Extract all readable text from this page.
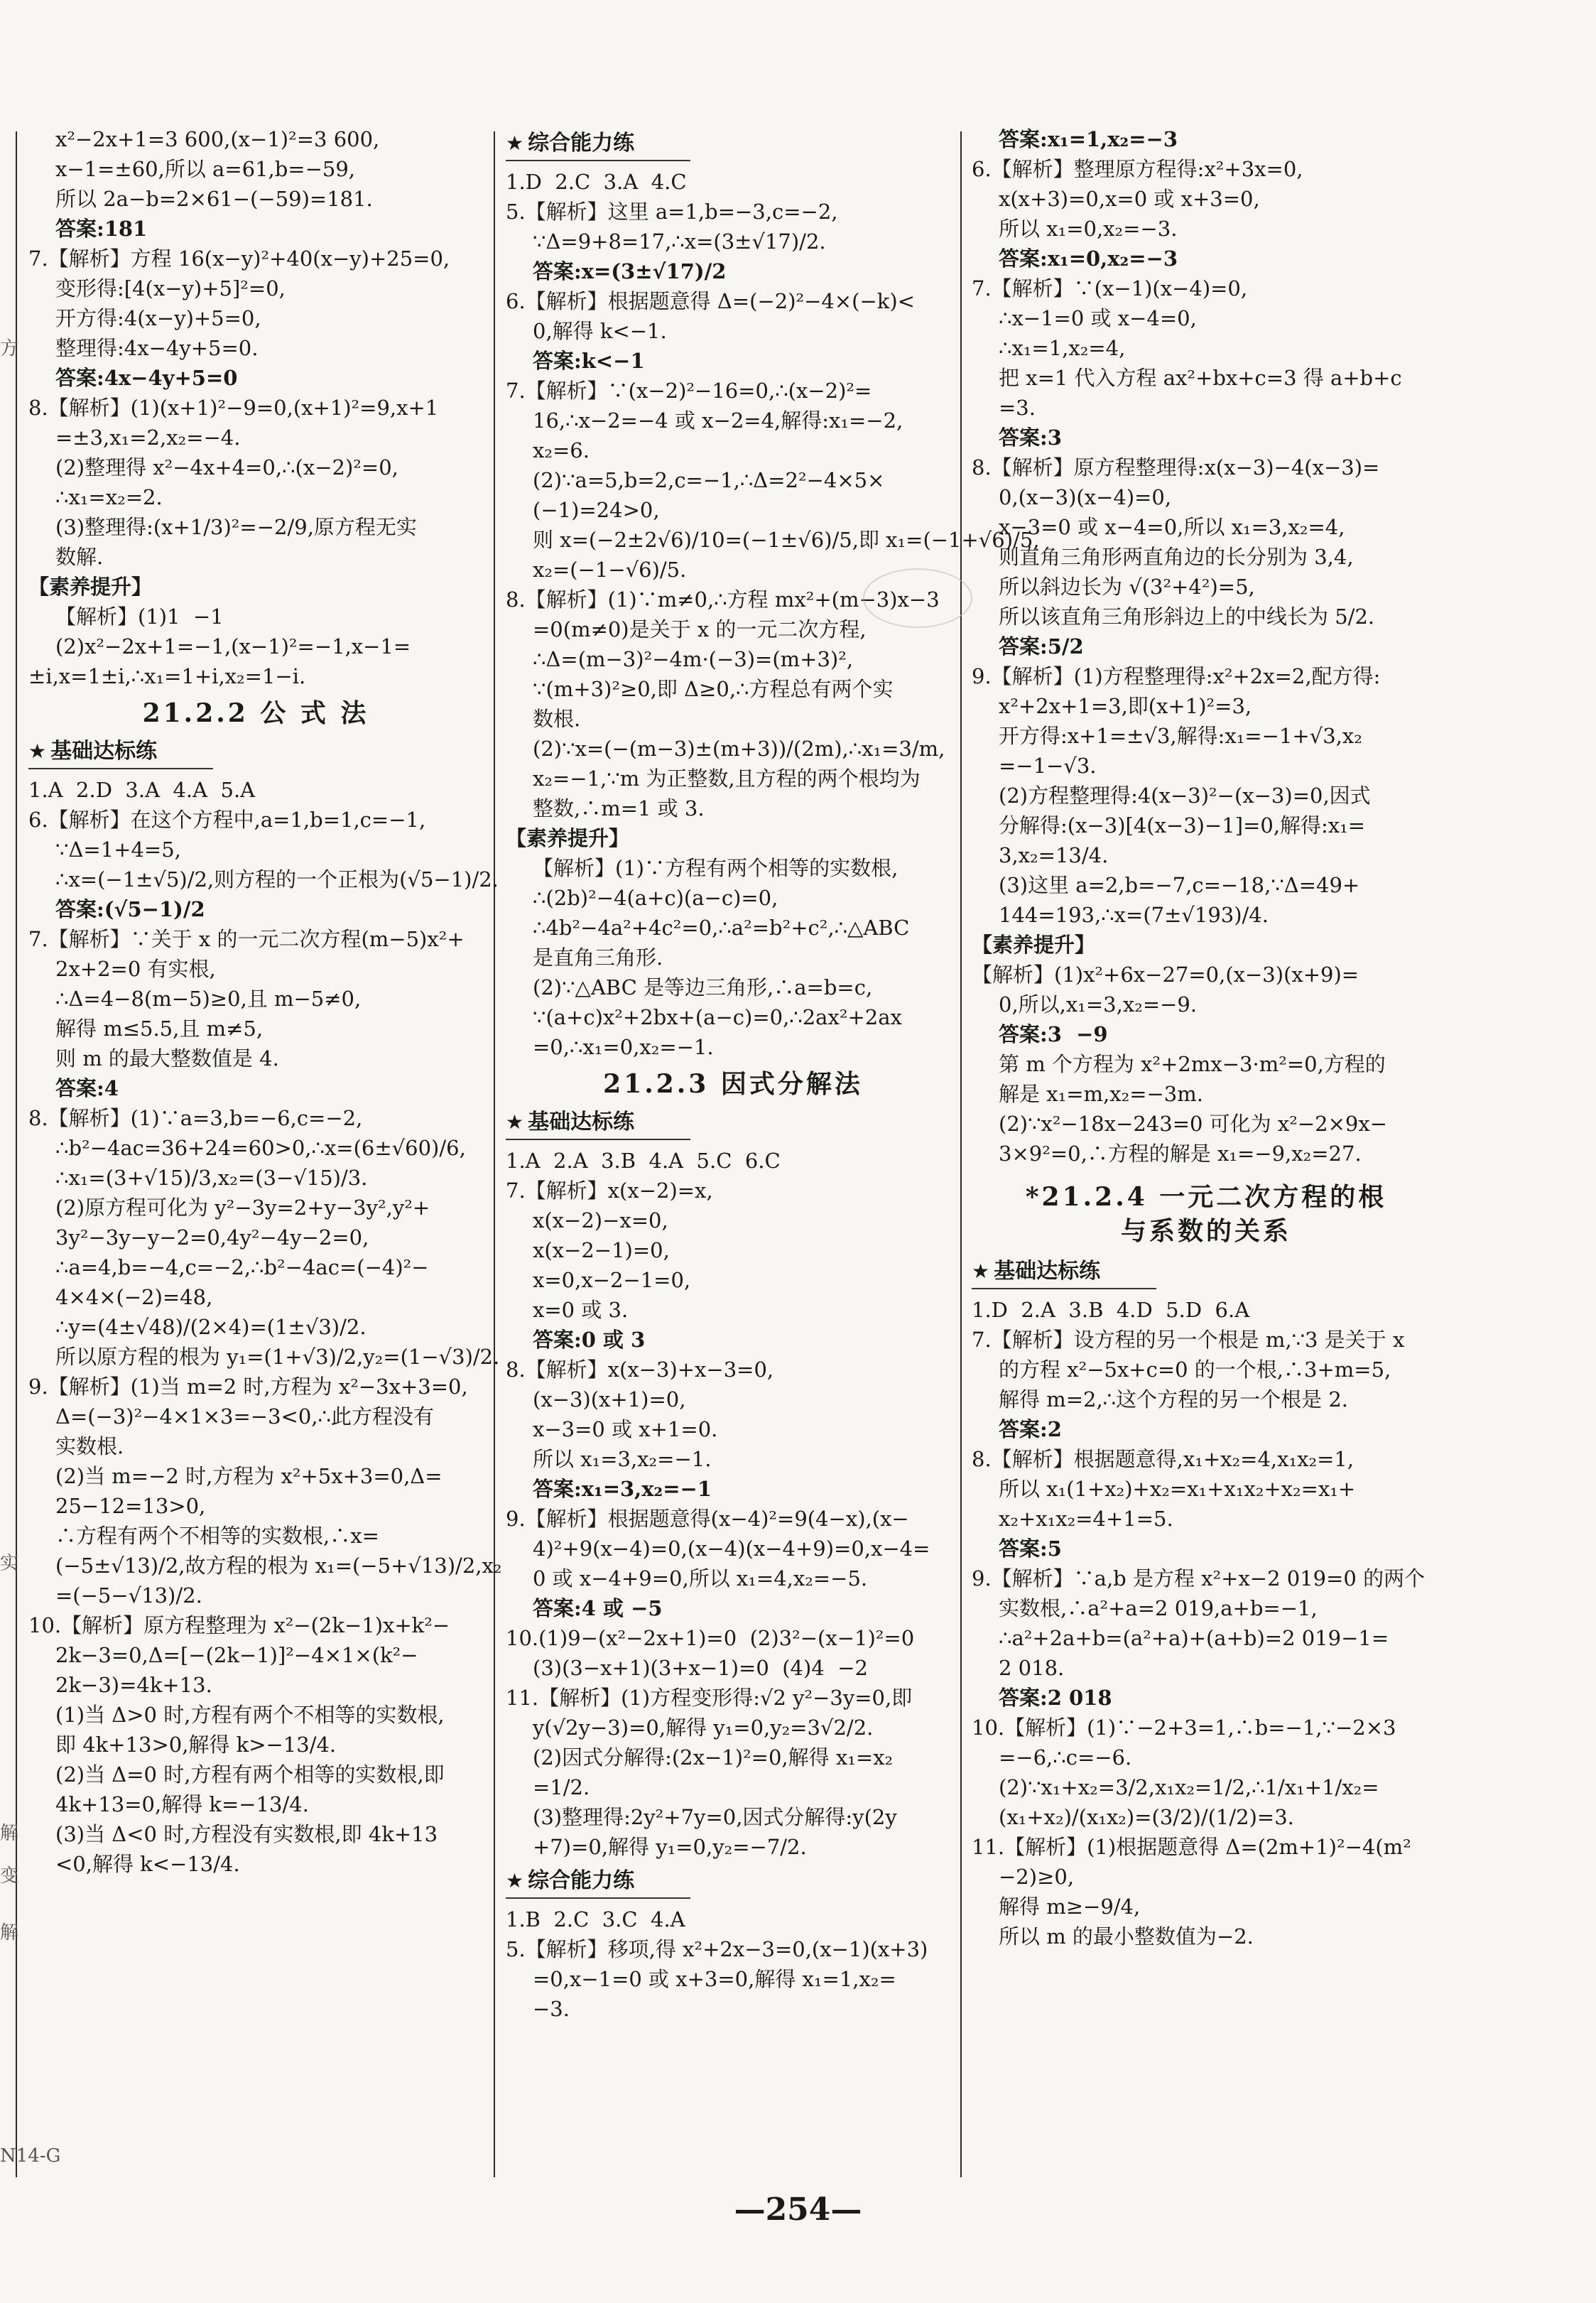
x²−2x+1=3 600,(x−1)²=3 600,
x−1=±60,所以 a=61,b=−59,
所以 2a−b=2×61−(−59)=181.
答案:181
7.【解析】方程 16(x−y)²+40(x−y)+25=0,
变形得:[4(x−y)+5]²=0,
开方得:4(x−y)+5=0,
整理得:4x−4y+5=0.
答案:4x−4y+5=0
8.【解析】(1)(x+1)²−9=0,(x+1)²=9,x+1
=±3,x₁=2,x₂=−4.
(2)整理得 x²−4x+4=0,∴(x−2)²=0,
∴x₁=x₂=2.
(3)整理得:(x+1/3)²=−2/9,原方程无实
数解.
【素养提升】
【解析】(1)1  −1
(2)x²−2x+1=−1,(x−1)²=−1,x−1=
±i,x=1±i,∴x₁=1+i,x₂=1−i.
21.2.2 公 式 法
★ 基础达标练
1.A  2.D  3.A  4.A  5.A
6.【解析】在这个方程中,a=1,b=1,c=−1,
∵Δ=1+4=5,
∴x=(−1±√5)/2,则方程的一个正根为(√5−1)/2.
答案:(√5−1)/2
7.【解析】∵关于 x 的一元二次方程(m−5)x²+
2x+2=0 有实根,
∴Δ=4−8(m−5)≥0,且 m−5≠0,
解得 m≤5.5,且 m≠5,
则 m 的最大整数值是 4.
答案:4
8.【解析】(1)∵a=3,b=−6,c=−2,
∴b²−4ac=36+24=60>0,∴x=(6±√60)/6,
∴x₁=(3+√15)/3,x₂=(3−√15)/3.
(2)原方程可化为 y²−3y=2+y−3y²,y²+
3y²−3y−y−2=0,4y²−4y−2=0,
∴a=4,b=−4,c=−2,∴b²−4ac=(−4)²−
4×4×(−2)=48,
∴y=(4±√48)/(2×4)=(1±√3)/2.
所以原方程的根为 y₁=(1+√3)/2,y₂=(1−√3)/2.
9.【解析】(1)当 m=2 时,方程为 x²−3x+3=0,
Δ=(−3)²−4×1×3=−3<0,∴此方程没有
实数根.
(2)当 m=−2 时,方程为 x²+5x+3=0,Δ=
25−12=13>0,
∴方程有两个不相等的实数根,∴x=
(−5±√13)/2,故方程的根为 x₁=(−5+√13)/2,x₂
=(−5−√13)/2.
10.【解析】原方程整理为 x²−(2k−1)x+k²−
2k−3=0,Δ=[−(2k−1)]²−4×1×(k²−
2k−3)=4k+13.
(1)当 Δ>0 时,方程有两个不相等的实数根,
即 4k+13>0,解得 k>−13/4.
(2)当 Δ=0 时,方程有两个相等的实数根,即
4k+13=0,解得 k=−13/4.
(3)当 Δ<0 时,方程没有实数根,即 4k+13
<0,解得 k<−13/4.
★ 综合能力练
1.D  2.C  3.A  4.C
5.【解析】这里 a=1,b=−3,c=−2,
∵Δ=9+8=17,∴x=(3±√17)/2.
答案:x=(3±√17)/2
6.【解析】根据题意得 Δ=(−2)²−4×(−k)<
0,解得 k<−1.
答案:k<−1
7.【解析】∵(x−2)²−16=0,∴(x−2)²=
16,∴x−2=−4 或 x−2=4,解得:x₁=−2,
x₂=6.
(2)∵a=5,b=2,c=−1,∴Δ=2²−4×5×
(−1)=24>0,
则 x=(−2±2√6)/10=(−1±√6)/5,即 x₁=(−1+√6)/5,
x₂=(−1−√6)/5.
8.【解析】(1)∵m≠0,∴方程 mx²+(m−3)x−3
=0(m≠0)是关于 x 的一元二次方程,
∴Δ=(m−3)²−4m·(−3)=(m+3)²,
∵(m+3)²≥0,即 Δ≥0,∴方程总有两个实
数根.
(2)∵x=(−(m−3)±(m+3))/(2m),∴x₁=3/m,
x₂=−1,∵m 为正整数,且方程的两个根均为
整数,∴m=1 或 3.
【素养提升】
【解析】(1)∵方程有两个相等的实数根,
∴(2b)²−4(a+c)(a−c)=0,
∴4b²−4a²+4c²=0,∴a²=b²+c²,∴△ABC
是直角三角形.
(2)∵△ABC 是等边三角形,∴a=b=c,
∵(a+c)x²+2bx+(a−c)=0,∴2ax²+2ax
=0,∴x₁=0,x₂=−1.
21.2.3 因式分解法
★ 基础达标练
1.A  2.A  3.B  4.A  5.C  6.C
7.【解析】x(x−2)=x,
x(x−2)−x=0,
x(x−2−1)=0,
x=0,x−2−1=0,
x=0 或 3.
答案:0 或 3
8.【解析】x(x−3)+x−3=0,
(x−3)(x+1)=0,
x−3=0 或 x+1=0.
所以 x₁=3,x₂=−1.
答案:x₁=3,x₂=−1
9.【解析】根据题意得(x−4)²=9(4−x),(x−
4)²+9(x−4)=0,(x−4)(x−4+9)=0,x−4=
0 或 x−4+9=0,所以 x₁=4,x₂=−5.
答案:4 或 −5
10.(1)9−(x²−2x+1)=0  (2)3²−(x−1)²=0
(3)(3−x+1)(3+x−1)=0  (4)4  −2
11.【解析】(1)方程变形得:√2 y²−3y=0,即
y(√2y−3)=0,解得 y₁=0,y₂=3√2/2.
(2)因式分解得:(2x−1)²=0,解得 x₁=x₂
=1/2.
(3)整理得:2y²+7y=0,因式分解得:y(2y
+7)=0,解得 y₁=0,y₂=−7/2.
★ 综合能力练
1.B  2.C  3.C  4.A
5.【解析】移项,得 x²+2x−3=0,(x−1)(x+3)
=0,x−1=0 或 x+3=0,解得 x₁=1,x₂=
−3.
答案:x₁=1,x₂=−3
6.【解析】整理原方程得:x²+3x=0,
x(x+3)=0,x=0 或 x+3=0,
所以 x₁=0,x₂=−3.
答案:x₁=0,x₂=−3
7.【解析】∵(x−1)(x−4)=0,
∴x−1=0 或 x−4=0,
∴x₁=1,x₂=4,
把 x=1 代入方程 ax²+bx+c=3 得 a+b+c
=3.
答案:3
8.【解析】原方程整理得:x(x−3)−4(x−3)=
0,(x−3)(x−4)=0,
x−3=0 或 x−4=0,所以 x₁=3,x₂=4,
则直角三角形两直角边的长分别为 3,4,
所以斜边长为 √(3²+4²)=5,
所以该直角三角形斜边上的中线长为 5/2.
答案:5/2
9.【解析】(1)方程整理得:x²+2x=2,配方得:
x²+2x+1=3,即(x+1)²=3,
开方得:x+1=±√3,解得:x₁=−1+√3,x₂
=−1−√3.
(2)方程整理得:4(x−3)²−(x−3)=0,因式
分解得:(x−3)[4(x−3)−1]=0,解得:x₁=
3,x₂=13/4.
(3)这里 a=2,b=−7,c=−18,∵Δ=49+
144=193,∴x=(7±√193)/4.
【素养提升】
【解析】(1)x²+6x−27=0,(x−3)(x+9)=
0,所以,x₁=3,x₂=−9.
答案:3  −9
第 m 个方程为 x²+2mx−3·m²=0,方程的
解是 x₁=m,x₂=−3m.
(2)∵x²−18x−243=0 可化为 x²−2×9x−
3×9²=0,∴方程的解是 x₁=−9,x₂=27.
*21.2.4 一元二次方程的根
与系数的关系
★ 基础达标练
1.D  2.A  3.B  4.D  5.D  6.A
7.【解析】设方程的另一个根是 m,∵3 是关于 x
的方程 x²−5x+c=0 的一个根,∴3+m=5,
解得 m=2,∴这个方程的另一个根是 2.
答案:2
8.【解析】根据题意得,x₁+x₂=4,x₁x₂=1,
所以 x₁(1+x₂)+x₂=x₁+x₁x₂+x₂=x₁+
x₂+x₁x₂=4+1=5.
答案:5
9.【解析】∵a,b 是方程 x²+x−2 019=0 的两个
实数根,∴a²+a=2 019,a+b=−1,
∴a²+2a+b=(a²+a)+(a+b)=2 019−1=
2 018.
答案:2 018
10.【解析】(1)∵−2+3=1,∴b=−1,∵−2×3
=−6,∴c=−6.
(2)∵x₁+x₂=3/2,x₁x₂=1/2,∴1/x₁+1/x₂=
(x₁+x₂)/(x₁x₂)=(3/2)/(1/2)=3.
11.【解析】(1)根据题意得 Δ=(2m+1)²−4(m²
−2)≥0,
解得 m≥−9/4,
所以 m 的最小整数值为−2.
—254—
方
实
解
变
解
N14-G
